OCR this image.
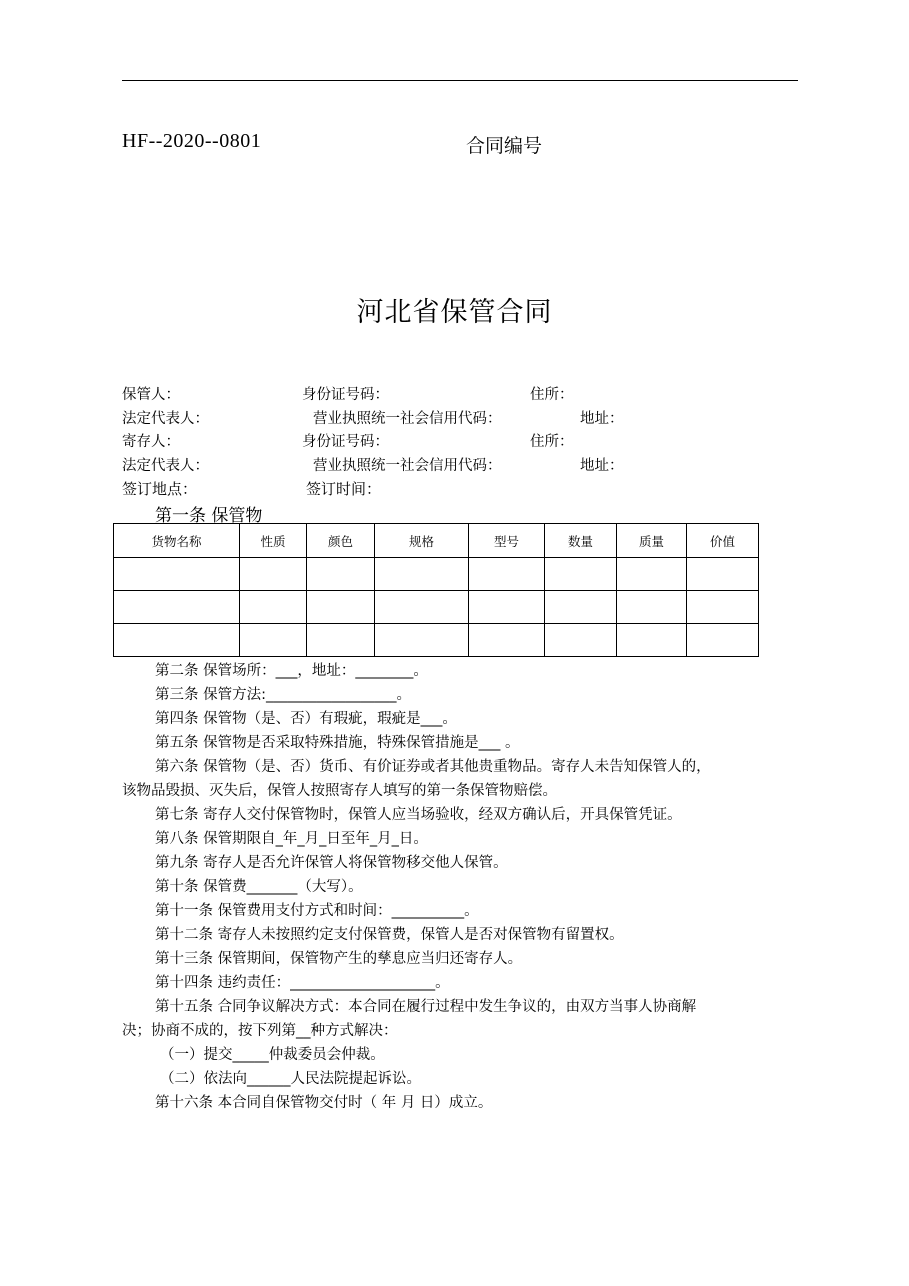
HF--2020--0801	合同编号
河北省保管合同
保管人：	身份证号码：	住所：
法定代表人：	营业执照统一社会信用代码：	地址：
寄存人：	身份证号码：	住所：
法定代表人：	营业执照统一社会信用代码：	地址：
签订地点：	签订时间：
第一条 保管物
货物名称	性质	颜色	规格	型号	数量	质量	价值

第二条 保管场所：___，地址：________。
第三条 保管方法:__________________。
第四条 保管物（是、否）有瑕疵，瑕疵是___。
第五条 保管物是否采取特殊措施，特殊保管措施是___ 。
第六条 保管物（是、否）货币、有价证券或者其他贵重物品。寄存人未告知保管人的，
该物品毁损、灭失后，保管人按照寄存人填写的第一条保管物赔偿。
第七条 寄存人交付保管物时，保管人应当场验收，经双方确认后，开具保管凭证。
第八条 保管期限自_年_月_日至年_月_日。
第九条 寄存人是否允许保管人将保管物移交他人保管。
第十条 保管费_______（大写）。
第十一条 保管费用支付方式和时间：__________。
第十二条 寄存人未按照约定支付保管费，保管人是否对保管物有留置权。
第十三条 保管期间，保管物产生的孳息应当归还寄存人。
第十四条 违约责任：____________________。
第十五条 合同争议解决方式：本合同在履行过程中发生争议的，由双方当事人协商解
决；协商不成的，按下列第__种方式解决：
（一）提交_____仲裁委员会仲裁。
（二）依法向______人民法院提起诉讼。
第十六条 本合同自保管物交付时（ 年 月 日）成立。
